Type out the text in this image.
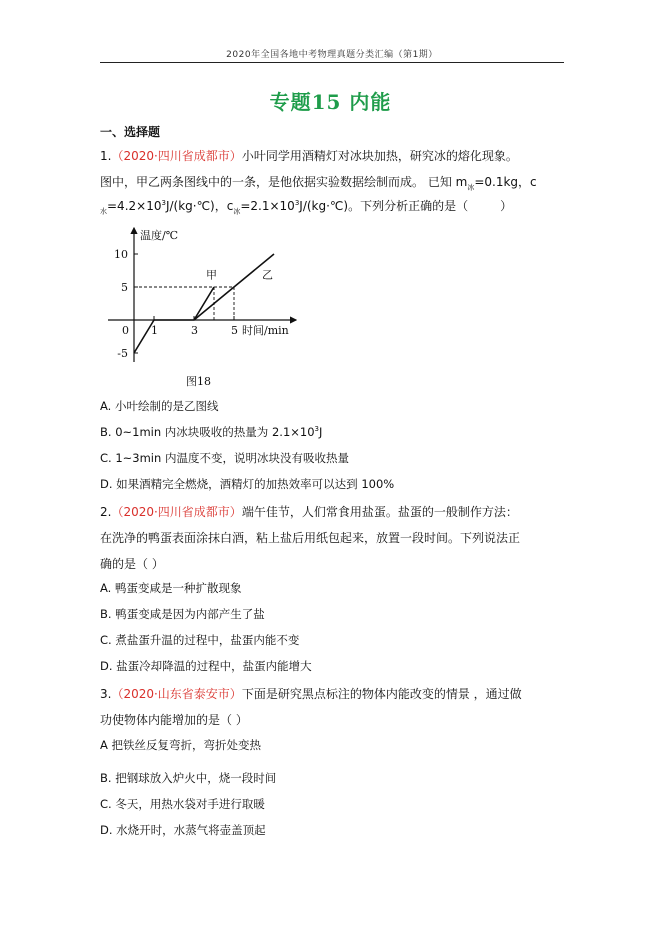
2020年全国各地中考物理真题分类汇编（第1期）
专题15 内能
一、选择题
1.（2020·四川省成都市）小叶同学用酒精灯对冰块加热，研究冰的熔化现象。
图中，甲乙两条图线中的一条，是他依据实验数据绘制而成。 已知 $m_冰=0.1kg$，c
$_水=4.2\times 10^3J/(kg\cdot℃)$，$c_冰=2.1\times 10^3J/(kg\cdot℃)$。下列分析正确的是（	）
温度/℃
时间/min
0 1	3	5
-5
5
10
甲	乙
图18
A. 小叶绘制的是乙图线
B. 0~1min 内冰块吸收的热量为 $2.1\times 10^3J$
C. 1~3min 内温度不变，说明冰块没有吸收热量
D. 如果酒精完全燃烧，酒精灯的加热效率可以达到 100%
2.（2020·四川省成都市）端午佳节，人们常食用盐蛋。盐蛋的一般制作方法：
在洗净的鸭蛋表面涂抹白酒，粘上盐后用纸包起来，放置一段时间。下列说法正
确的是（ ）
A. 鸭蛋变咸是一种扩散现象
B. 鸭蛋变咸是因为内部产生了盐
C. 煮盐蛋升温的过程中，盐蛋内能不变
D. 盐蛋冷却降温的过程中，盐蛋内能增大
3.（2020·山东省泰安市）下面是研究黑点标注的物体内能改变的情景 ，通过做
功使物体内能增加的是（ ）
A 把铁丝反复弯折，弯折处变热
B. 把钢球放入炉火中，烧一段时间
C. 冬天，用热水袋对手进行取暖
D. 水烧开时，水蒸气将壶盖顶起
